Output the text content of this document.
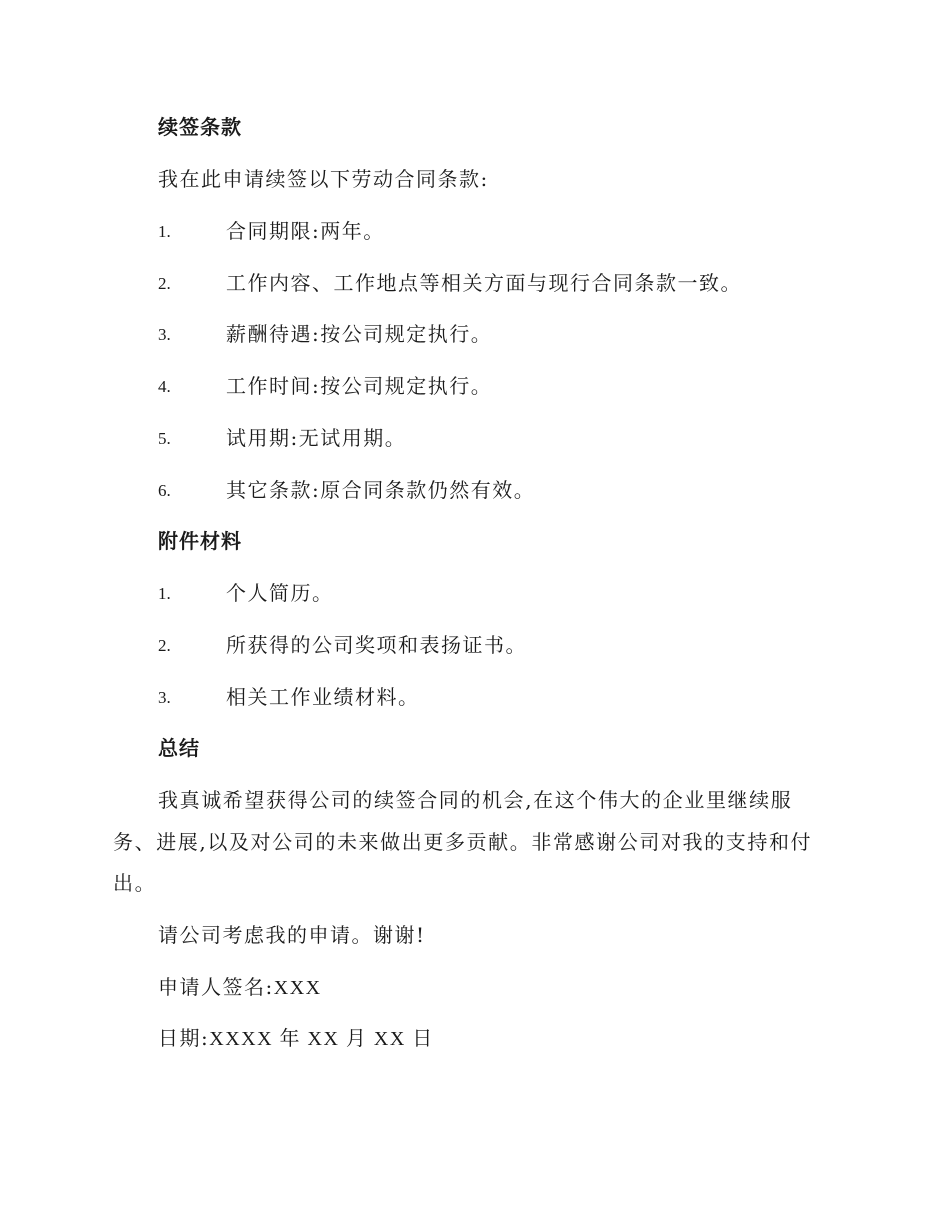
续签条款
我在此申请续签以下劳动合同条款:
1.	合同期限:两年。
2.	工作内容、工作地点等相关方面与现行合同条款一致。
3.	薪酬待遇:按公司规定执行。
4.	工作时间:按公司规定执行。
5.	试用期:无试用期。
6.	其它条款:原合同条款仍然有效。
附件材料
1.	个人简历。
2.	所获得的公司奖项和表扬证书。
3.	相关工作业绩材料。
总结
我真诚希望获得公司的续签合同的机会,在这个伟大的企业里继续服
务、进展,以及对公司的未来做出更多贡献。非常感谢公司对我的支持和付
出。
请公司考虑我的申请。谢谢!
申请人签名:XXX
日期:XXXX 年 XX 月 XX 日
